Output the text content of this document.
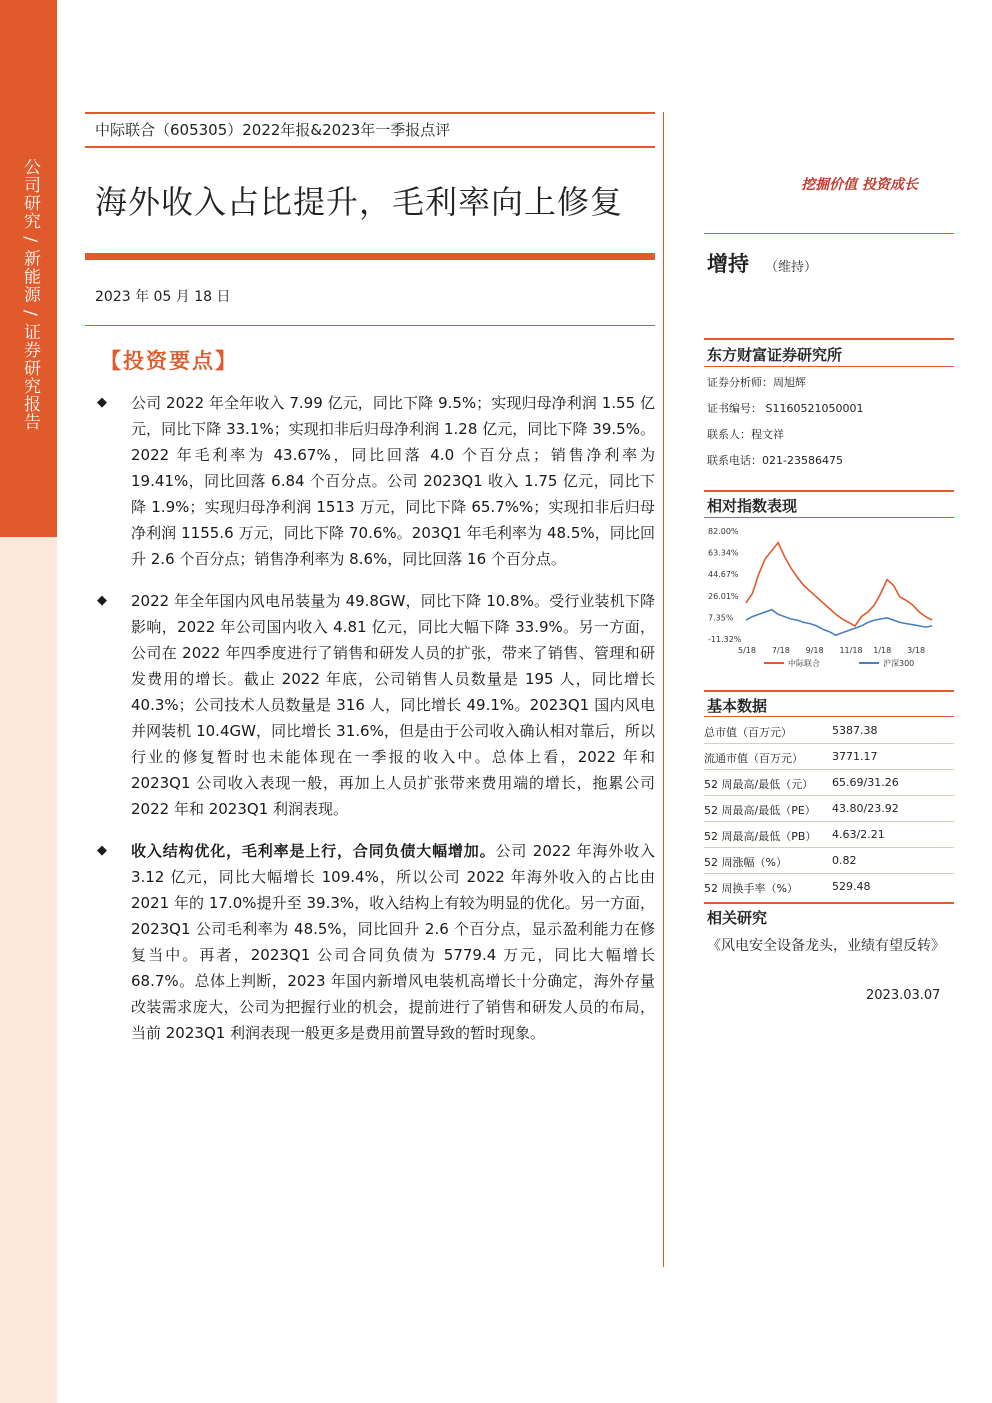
公司研究 / 新能源 / 证券研究报告
中际联合（605305）2022年报&2023年一季报点评
海外收入占比提升，毛利率向上修复
2023 年 05 月 18 日
【投资要点】
◆ 公司 2022 年全年收入 7.99 亿元，同比下降 9.5%；实现归母净利润 1.55 亿元，同比下降 33.1%；实现扣非后归母净利润 1.28 亿元，同比下降 39.5%。2022 年毛利率为 43.67%，同比回落 4.0 个百分点；销售净利率为 19.41%，同比回落 6.84 个百分点。公司 2023Q1 收入 1.75 亿元，同比下降 1.9%；实现归母净利润 1513 万元，同比下降 65.7%%；实现扣非后归母净利润 1155.6 万元，同比下降 70.6%。203Q1 年毛利率为 48.5%，同比回升 2.6 个百分点；销售净利率为 8.6%，同比回落 16 个百分点。
◆ 2022 年全年国内风电吊装量为 49.8GW，同比下降 10.8%。受行业装机下降影响，2022 年公司国内收入 4.81 亿元，同比大幅下降 33.9%。另一方面，公司在 2022 年四季度进行了销售和研发人员的扩张，带来了销售、管理和研发费用的增长。截止 2022 年底，公司销售人员数量是 195 人，同比增长 40.3%；公司技术人员数量是 316 人，同比增长 49.1%。2023Q1 国内风电并网装机 10.4GW，同比增长 31.6%，但是由于公司收入确认相对靠后，所以行业的修复暂时也未能体现在一季报的收入中。总体上看，2022 年和 2023Q1 公司收入表现一般，再加上人员扩张带来费用端的增长，拖累公司 2022 年和 2023Q1 利润表现。
◆ 收入结构优化，毛利率是上行，合同负债大幅增加。公司 2022 年海外收入 3.12 亿元，同比大幅增长 109.4%，所以公司 2022 年海外收入的占比由 2021 年的 17.0%提升至 39.3%，收入结构上有较为明显的优化。另一方面，2023Q1 公司毛利率为 48.5%，同比回升 2.6 个百分点，显示盈利能力在修复当中。再者，2023Q1 公司合同负债为 5779.4 万元，同比大幅增长 68.7%。总体上判断，2023 年国内新增风电装机高增长十分确定，海外存量改装需求庞大，公司为把握行业的机会，提前进行了销售和研发人员的布局，当前 2023Q1 利润表现一般更多是费用前置导致的暂时现象。
挖掘价值 投资成长
增持 （维持）
东方财富证券研究所
证券分析师：周旭辉
证书编号： S1160521050001
联系人：程文祥
联系电话：021-23586475
相对指数表现
82.00%
63.34%
44.67%
26.01%
7.35%
-11.32%
5/18 7/18 9/18 11/18 1/18 3/18
中际联合	沪深300
基本数据
总市值（百万元）	5387.38
流通市值（百万元）	3771.17
52 周最高/最低（元） 65.69/31.26
52 周最高/最低（PE） 43.80/23.92
52 周最高/最低（PB） 4.63/2.21
52 周涨幅（%）	0.82
52 周换手率（%）	529.48
相关研究
《风电安全设备龙头，业绩有望反转》
2023.03.07
